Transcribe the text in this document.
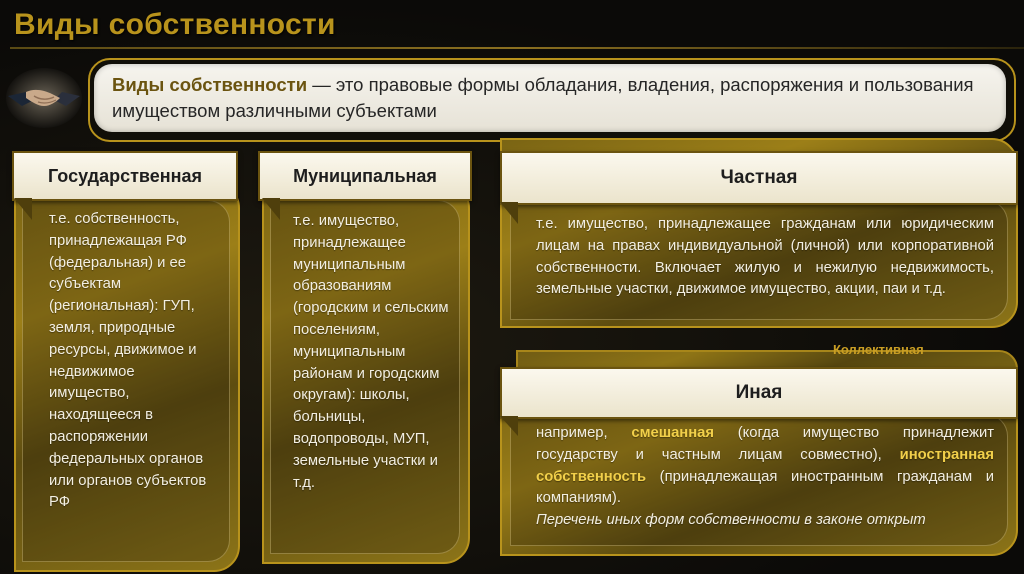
Виды собственности
Виды собственности — это правовые формы обладания, владения, распоряжения и пользования имуществом различными субъектами
Государственная
т.е. собственность, принадлежащая РФ (федеральная) и ее субъектам (региональная): ГУП, земля, природные ресурсы, движимое и недвижимое имущество, находящееся в распоряжении федеральных органов или органов субъектов РФ
Муниципальная
т.е. имущество, принадлежащее муниципальным образованиям (городским и сельским поселениям, муниципальным районам и городским округам): школы, больницы, водопроводы, МУП, земельные участки и т.д.
Частная
т.е. имущество, принадлежащее гражданам или юридическим лицам на правах индивидуальной (личной) или корпоративной собственности. Включает жилую и нежилую недвижимость, земельные участки, движимое имущество, акции, паи и т.д.
Коллективная
Иная
например, смешанная (когда имущество принадлежит государству и частным лицам совместно), иностранная собственность (принадлежащая иностранным гражданам и компаниям).
Перечень иных форм собственности в законе открыт
